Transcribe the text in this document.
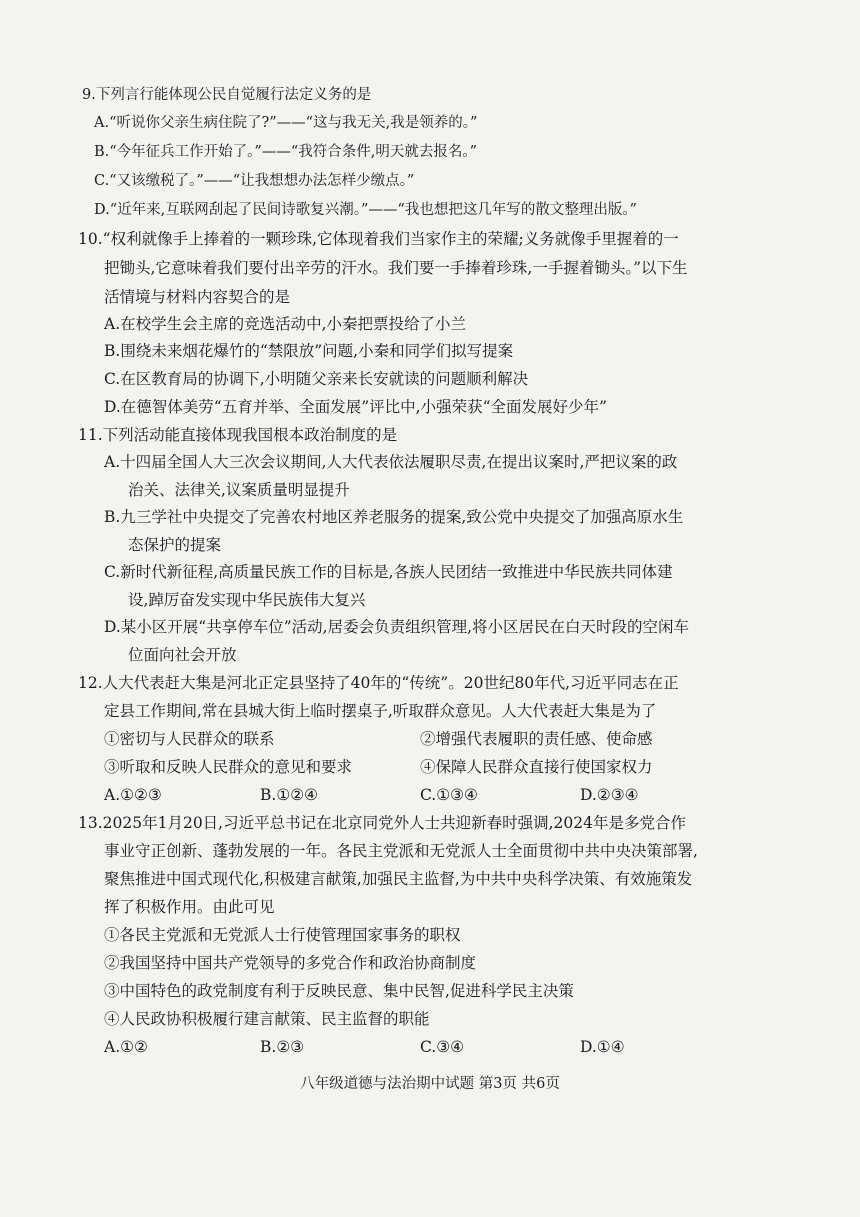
9.下列言行能体现公民自觉履行法定义务的是
A.“听说你父亲生病住院了?”——“这与我无关,我是领养的。”
B.“今年征兵工作开始了。”——“我符合条件,明天就去报名。”
C.“又该缴税了。”——“让我想想办法怎样少缴点。”
D.“近年来,互联网刮起了民间诗歌复兴潮。”——“我也想把这几年写的散文整理出版。”
10.“权利就像手上捧着的一颗珍珠,它体现着我们当家作主的荣耀;义务就像手里握着的一
把锄头,它意味着我们要付出辛劳的汗水。我们要一手捧着珍珠,一手握着锄头。”以下生
活情境与材料内容契合的是
A.在校学生会主席的竞选活动中,小秦把票投给了小兰
B.围绕未来烟花爆竹的“禁限放”问题,小秦和同学们拟写提案
C.在区教育局的协调下,小明随父亲来长安就读的问题顺利解决
D.在德智体美劳“五育并举、全面发展”评比中,小强荣获“全面发展好少年”
11.下列活动能直接体现我国根本政治制度的是
A.十四届全国人大三次会议期间,人大代表依法履职尽责,在提出议案时,严把议案的政
治关、法律关,议案质量明显提升
B.九三学社中央提交了完善农村地区养老服务的提案,致公党中央提交了加强高原水生
态保护的提案
C.新时代新征程,高质量民族工作的目标是,各族人民团结一致推进中华民族共同体建
设,踔厉奋发实现中华民族伟大复兴
D.某小区开展“共享停车位”活动,居委会负责组织管理,将小区居民在白天时段的空闲车
位面向社会开放
12.人大代表赶大集是河北正定县坚持了40年的“传统”。20世纪80年代,习近平同志在正
定县工作期间,常在县城大街上临时摆桌子,听取群众意见。人大代表赶大集是为了
①密切与人民群众的联系	②增强代表履职的责任感、使命感
③听取和反映人民群众的意见和要求	④保障人民群众直接行使国家权力
A.①②③	B.①②④	C.①③④	D.②③④
13.2025年1月20日,习近平总书记在北京同党外人士共迎新春时强调,2024年是多党合作
事业守正创新、蓬勃发展的一年。各民主党派和无党派人士全面贯彻中共中央决策部署,
聚焦推进中国式现代化,积极建言献策,加强民主监督,为中共中央科学决策、有效施策发
挥了积极作用。由此可见
①各民主党派和无党派人士行使管理国家事务的职权
②我国坚持中国共产党领导的多党合作和政治协商制度
③中国特色的政党制度有利于反映民意、集中民智,促进科学民主决策
④人民政协积极履行建言献策、民主监督的职能
A.①②	B.②③	C.③④	D.①④
八年级道德与法治期中试题 第3页 共6页
